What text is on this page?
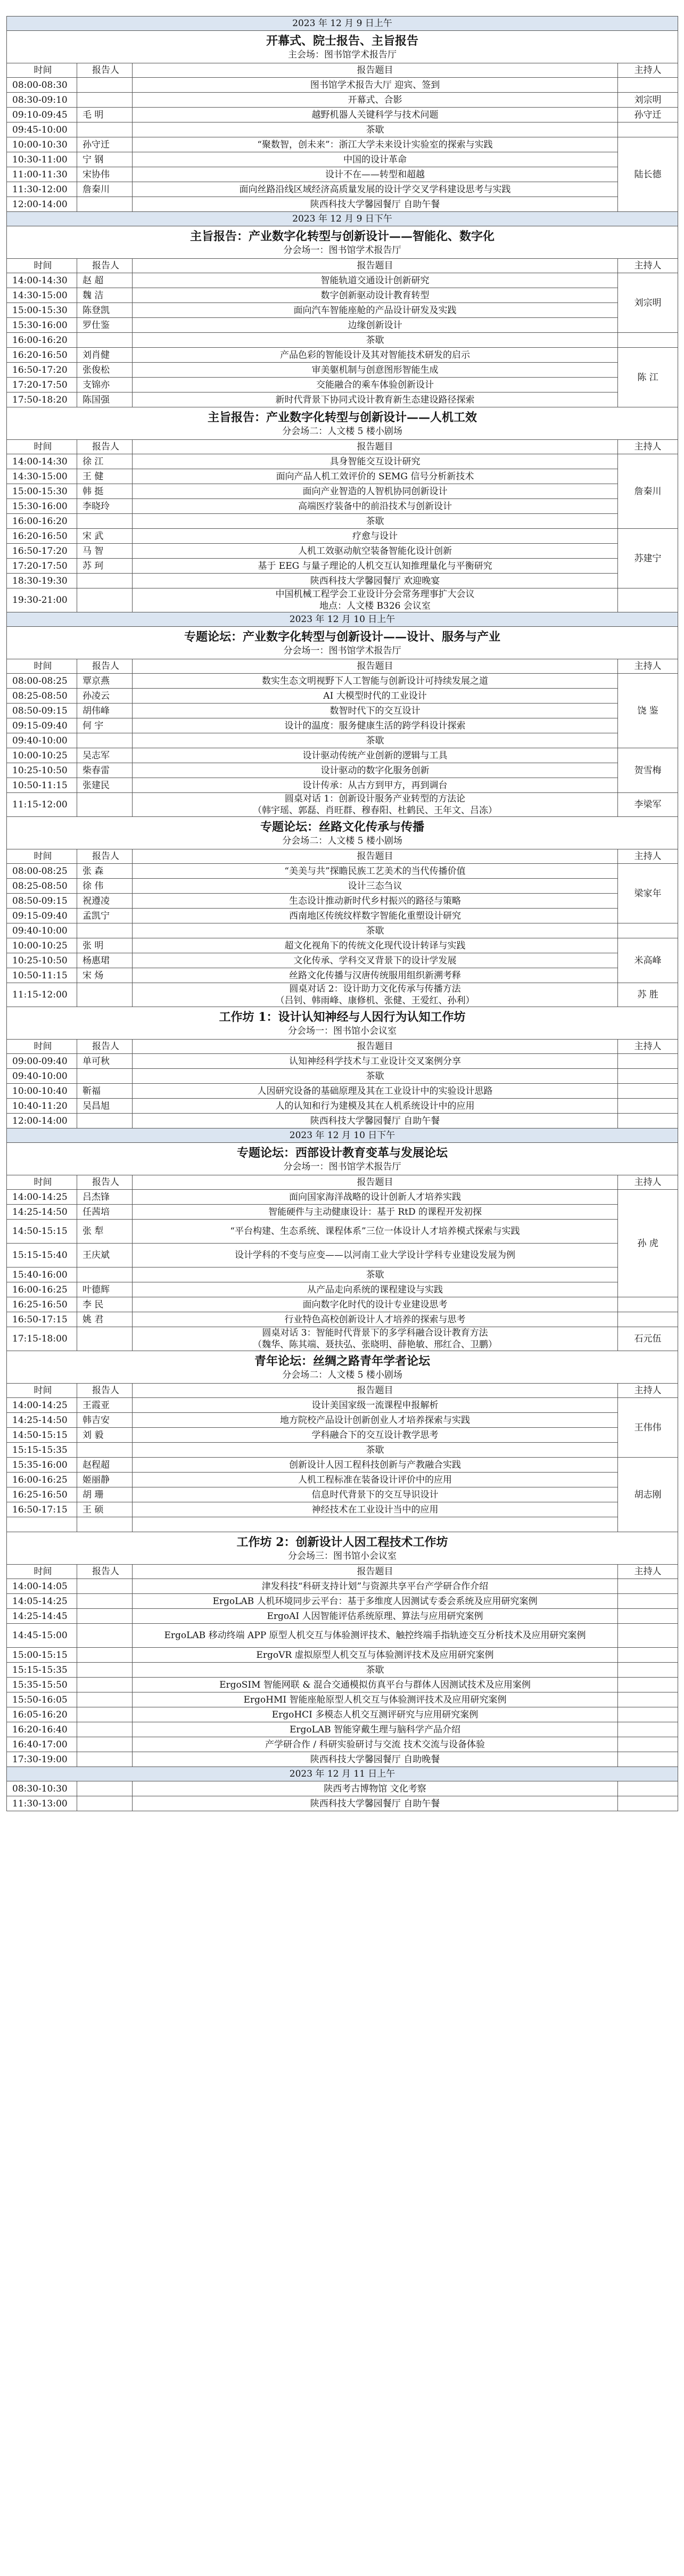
2023 年 12 月 9 日上午			

开幕式、院士报告、主旨报告
主会场：图书馆学术报告厅			

时间	报告人	报告题目	主持人
08:00-08:30		图书馆学术报告大厅 迎宾、签到	
08:30-09:10		开幕式、合影	刘宗明
09:10-09:45	毛 明	越野机器人关键科学与技术问题	孙守迁
09:45-10:00		茶歇	
10:00-10:30	孙守迁	“聚数智，创未来”：浙江大学未来设计实验室的探索与实践	陆长德
10:30-11:00	宁 钢	中国的设计革命	
11:00-11:30	宋协伟	设计不在——转型和超越	
11:30-12:00	詹秦川	面向丝路沿线区域经济高质量发展的设计学交叉学科建设思考与实践	
12:00-14:00		陕西科技大学馨园餐厅 自助午餐	
2023 年 12 月 9 日下午			

主旨报告：产业数字化转型与创新设计——智能化、数字化
分会场一：图书馆学术报告厅			

时间	报告人	报告题目	主持人
14:00-14:30	赵 超	智能轨道交通设计创新研究	刘宗明
14:30-15:00	魏 洁	数字创新驱动设计教育转型	
15:00-15:30	陈登凯	面向汽车智能座舱的产品设计研发及实践	
15:30-16:00	罗仕鉴	边缘创新设计	
16:00-16:20		茶歇	
16:20-16:50	刘肖健	产品色彩的智能设计及其对智能技术研发的启示	陈 江
16:50-17:20	张俊松	审美躯机制与创意图形智能生成	
17:20-17:50	支锦亦	交能融合的乘车体验创新设计	
17:50-18:20	陈国强	新时代背景下协同式设计教育新生态建设路径探索	

主旨报告：产业数字化转型与创新设计——人机工效
分会场二：人文楼 5 楼小剧场			

时间	报告人	报告题目	主持人
14:00-14:30	徐 江	具身智能交互设计研究	詹秦川
14:30-15:00	王 健	面向产品人机工效评价的 SEMG 信号分析新技术	
15:00-15:30	韩 挺	面向产业智造的人智机协同创新设计	
15:30-16:00	李晓玲	高端医疗装备中的前沿技术与创新设计	
16:00-16:20		茶歇	
16:20-16:50	宋 武	疗愈与设计	苏建宁
16:50-17:20	马 智	人机工效驱动航空装备智能化设计创新	
17:20-17:50	苏 珂	基于 EEG 与量子理论的人机交互认知推理量化与平衡研究	
18:30-19:30		陕西科技大学馨园餐厅 欢迎晚宴	
19:30-21:00		中国机械工程学会工业设计分会常务理事扩大会议
地点：人文楼 B326 会议室	
2023 年 12 月 10 日上午			

专题论坛：产业数字化转型与创新设计——设计、服务与产业
分会场一：图书馆学术报告厅			

时间	报告人	报告题目	主持人
08:00-08:25	覃京燕	数实生态文明视野下人工智能与创新设计可持续发展之道	饶 鉴
08:25-08:50	孙凌云	AI 大模型时代的工业设计	
08:50-09:15	胡伟峰	数智时代下的交互设计	
09:15-09:40	何 宇	设计的温度：服务健康生活的跨学科设计探索	
09:40-10:00		茶歇	
10:00-10:25	吴志军	设计驱动传统产业创新的逻辑与工具	贺雪梅
10:25-10:50	柴春雷	设计驱动的数字化服务创新	
10:50-11:15	张建民	设计传承：从古方到甲方，再到调台	
11:15-12:00		圆桌对话 1：创新设计服务产业转型的方法论
（韩宇瑶、郭磊、肖旺群、穆春阳、杜鹤民、王年文、吕冻）	李梁军

专题论坛：丝路文化传承与传播
分会场二：人文楼 5 楼小剧场			

时间	报告人	报告题目	主持人
08:00-08:25	张 森	“美美与共”探瞻民族工艺美术的当代传播价值	梁家年
08:25-08:50	徐 伟	设计三态刍议	
08:50-09:15	祝遵凌	生态设计推动新时代乡村振兴的路径与策略	
09:15-09:40	孟凯宁	西南地区传统纹样数字智能化重塑设计研究	
09:40-10:00		茶歇	
10:00-10:25	张 明	超文化视角下的传统文化现代设计转译与实践	米高峰
10:25-10:50	杨惠珺	文化传承、学科交叉背景下的设计学发展	
10:50-11:15	宋 炀	丝路文化传播与汉唐传统服用组织新溯考释	
11:15-12:00		圆桌对话 2：设计助力文化传承与传播方法
（吕钊、韩雨峰、康修机、张健、王爱红、孙利）	苏 胜

工作坊 1：设计认知神经与人因行为认知工作坊
分会场一：图书馆小会议室			

时间	报告人	报告题目	主持人
09:00-09:40	单可秋	认知神经科学技术与工业设计交叉案例分享	
09:40-10:00		茶歇	
10:00-10:40	靳福	人因研究设备的基础原理及其在工业设计中的实验设计思路	
10:40-11:20	吴昌旭	人的认知和行为建模及其在人机系统设计中的应用	
12:00-14:00		陕西科技大学馨园餐厅 自助午餐	
2023 年 12 月 10 日下午			

专题论坛：西部设计教育变革与发展论坛
分会场一：图书馆学术报告厅			

时间	报告人	报告题目	主持人
14:00-14:25	吕杰锋	面向国家海洋战略的设计创新人才培养实践	孙 虎
14:25-14:50	任茜培	智能硬件与主动健康设计：基于 RtD 的课程开发初探	
14:50-15:15	张 犁	“平台构建、生态系统、课程体系”三位一体设计人才培养模式探索与实践	
15:15-15:40	王庆斌	设计学科的不变与应变——以河南工业大学设计学科专业建设发展为例	
15:40-16:00		茶歇	
16:00-16:25	叶德辉	从产品走向系统的课程建设与实践	
16:25-16:50	李 民	面向数字化时代的设计专业建设思考	
16:50-17:15	姚 君	行业特色高校创新设计人才培养的探索与思考	
17:15-18:00		圆桌对话 3：智能时代背景下的多学科融合设计教育方法
（魏华、陈其端、聂扶弘、张晓明、薛艳敏、邢红合、卫鹏）	石元伍

青年论坛：丝绸之路青年学者论坛
分会场二：人文楼 5 楼小剧场			

时间	报告人	报告题目	主持人
14:00-14:25	王霞亚	设计美国家级一流课程申报解析	王伟伟
14:25-14:50	韩吉安	地方院校产品设计创新创业人才培养探索与实践	
14:50-15:15	刘 毅	学科融合下的交互设计教学思考	
15:15-15:35		茶歇	
15:35-16:00	赵程超	创新设计人因工程科技创新与产教融合实践	胡志刚
16:00-16:25	姬丽静	人机工程标准在装备设计评价中的应用	
16:25-16:50	胡 珊	信息时代背景下的交互导识设计	
16:50-17:15	王 硕	神经技术在工业设计当中的应用	

工作坊 2：创新设计人因工程技术工作坊
分会场三：图书馆小会议室			

时间	报告人	报告题目	主持人
14:00-14:05		津发科技“科研支持计划”与资源共享平台产学研合作介绍	
14:05-14:25		ErgoLAB 人机环境同步云平台：基于多维度人因测试专委会系统及应用研究案例	
14:25-14:45		ErgoAI 人因智能评估系统原理、算法与应用研究案例	
14:45-15:00		ErgoLAB 移动终端 APP 原型人机交互与体验测评技术、触控终端手指轨迹交互分析技术及应用研究案例	
15:00-15:15		ErgoVR 虚拟原型人机交互与体验测评技术及应用研究案例	
15:15-15:35		茶歇	
15:35-15:50		ErgoSIM 智能网联 & 混合交通模拟仿真平台与群体人因测试技术及应用案例	
15:50-16:05		ErgoHMI 智能座舱原型人机交互与体验测评技术及应用研究案例	
16:05-16:20		ErgoHCI 多模态人机交互测评研究与应用研究案例	
16:20-16:40		ErgoLAB 智能穿戴生理与脑科学产品介绍	
16:40-17:00		产学研合作 / 科研实验研讨与交流 技术交流与设备体验	
17:30-19:00		陕西科技大学馨园餐厅 自助晚餐	
2023 年 12 月 11 日上午			
08:30-10:30		陕西考古博物馆 文化考察	
11:30-13:00		陕西科技大学馨园餐厅 自助午餐	
